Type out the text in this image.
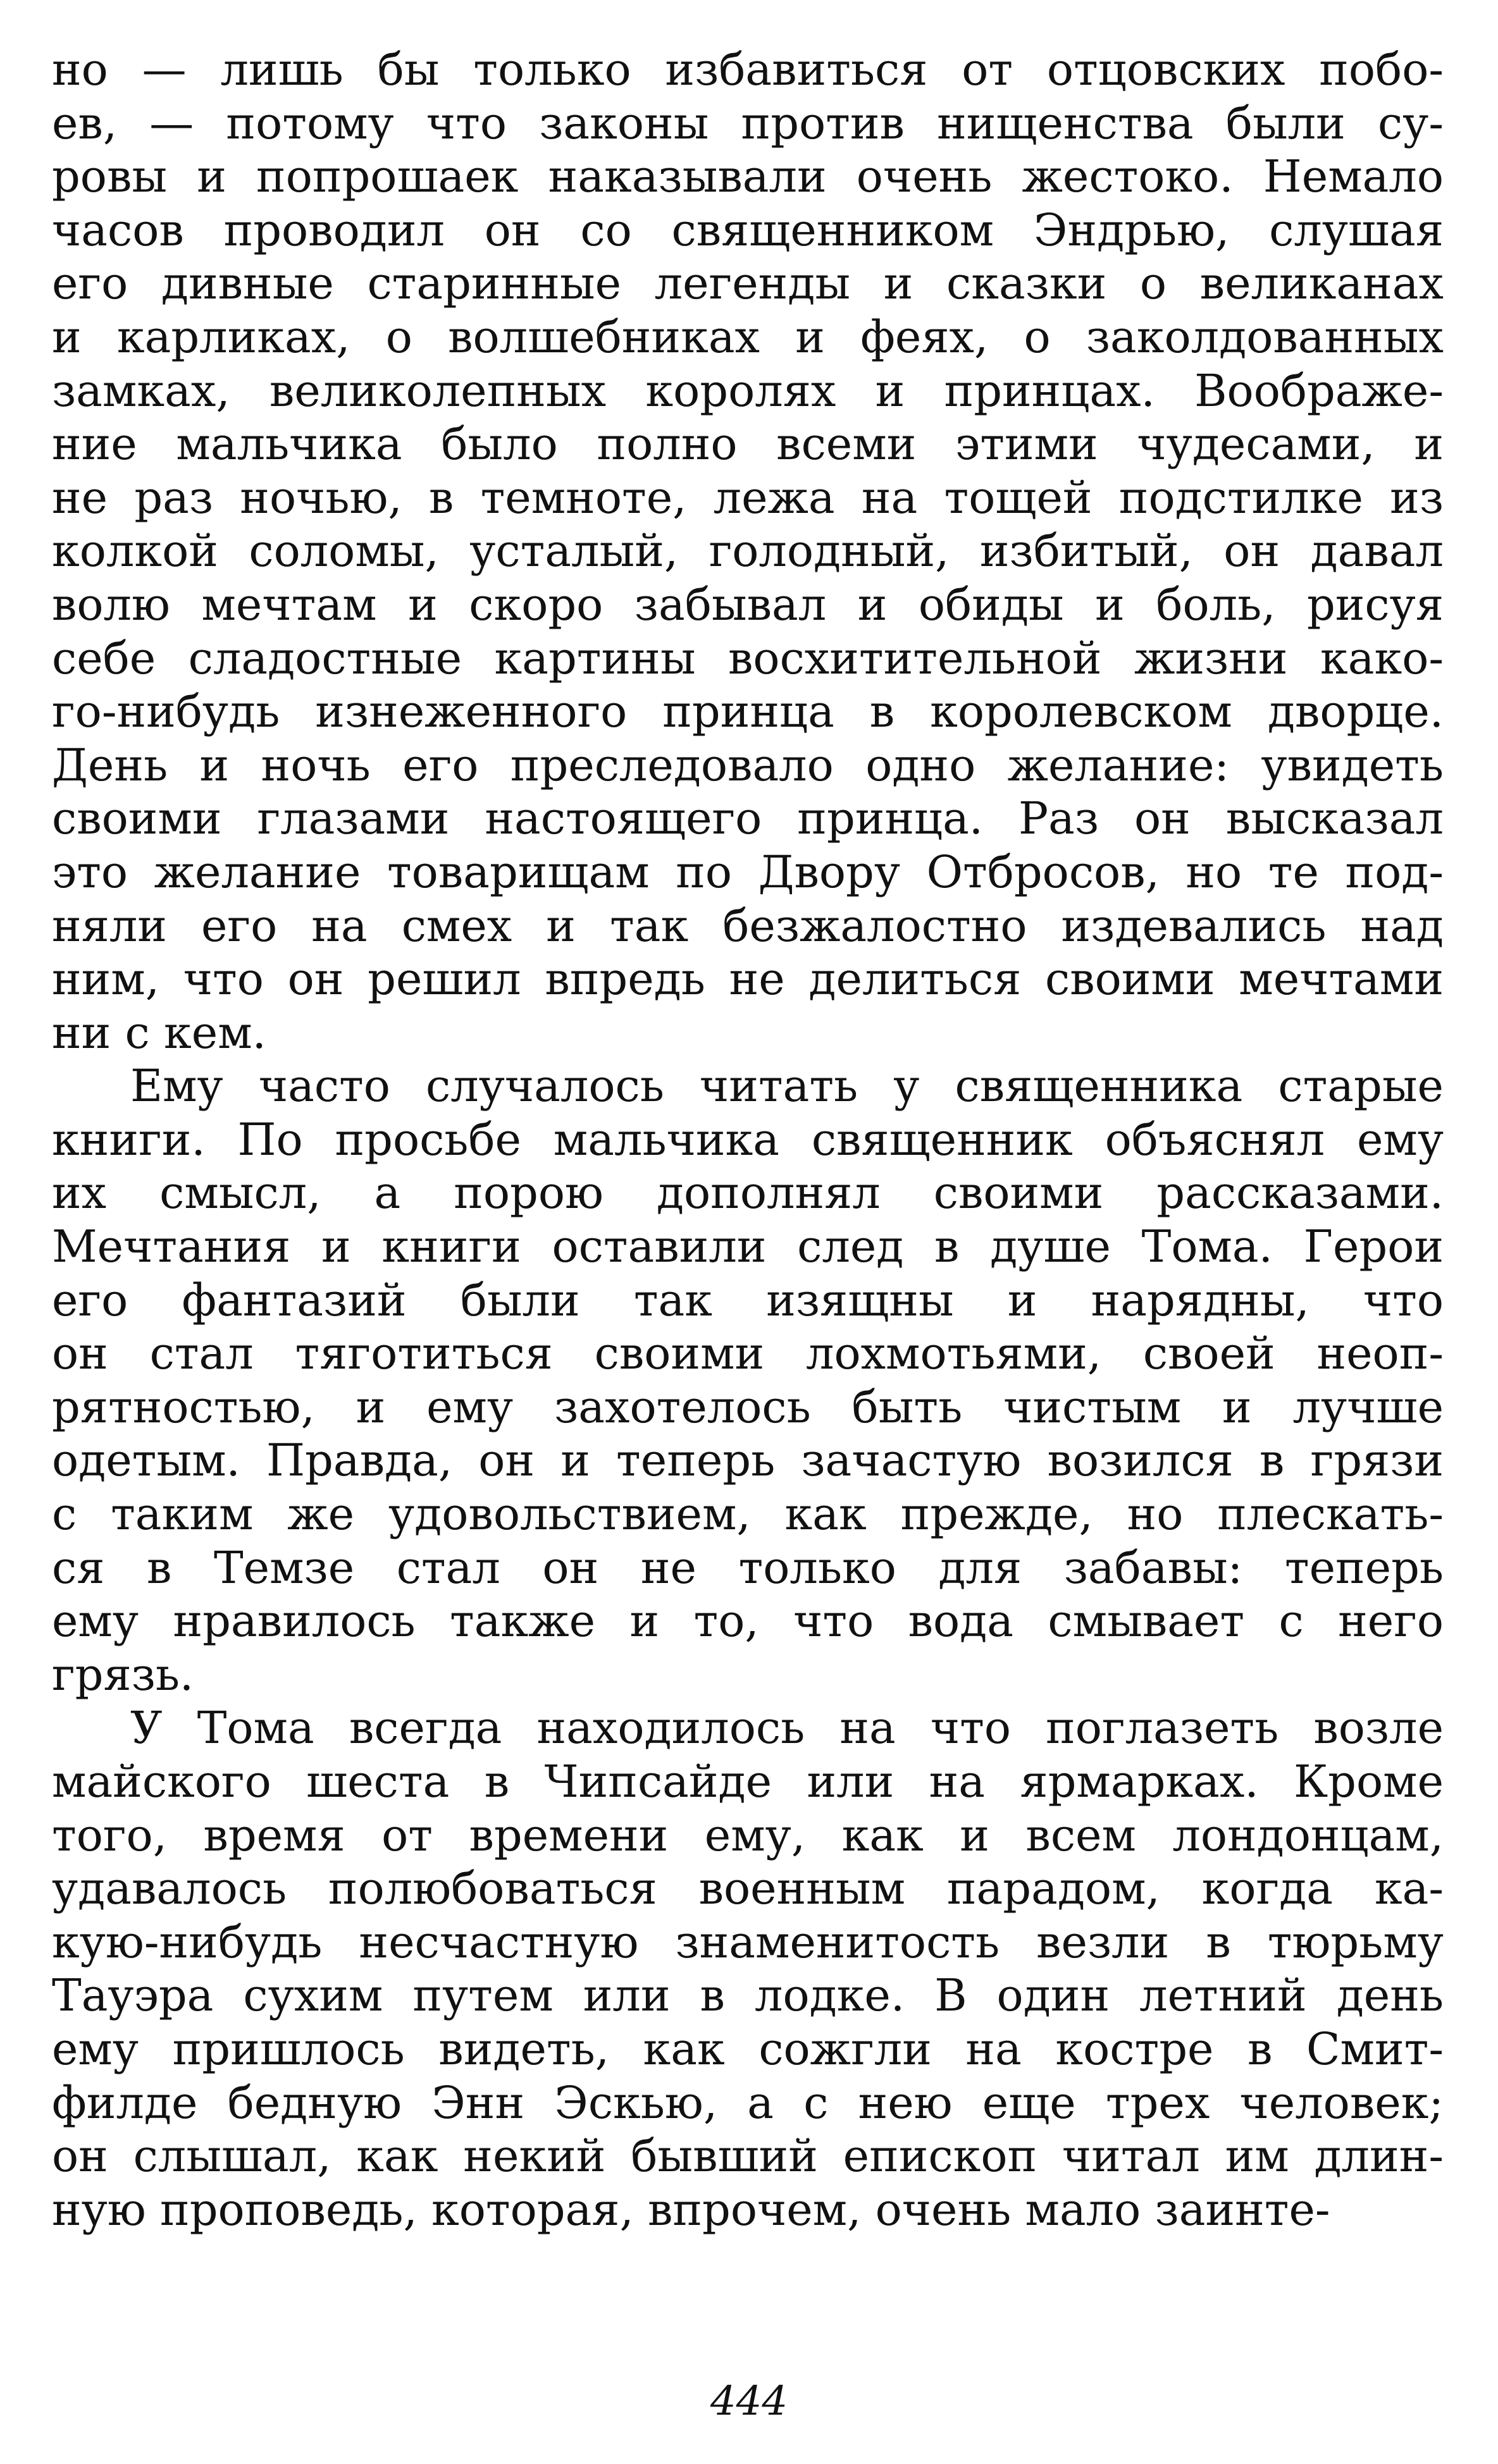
но — лишь бы только избавиться от отцовских побо-
ев, — потому что законы против нищенства были су-
ровы и попрошаек наказывали очень жестоко. Немало
часов проводил он со священником Эндрью, слушая
его дивные старинные легенды и сказки о великанах
и карликах, о волшебниках и феях, о заколдованных
замках, великолепных королях и принцах. Воображе-
ние мальчика было полно всеми этими чудесами, и
не раз ночью, в темноте, лежа на тощей подстилке из
колкой соломы, усталый, голодный, избитый, он давал
волю мечтам и скоро забывал и обиды и боль, рисуя
себе сладостные картины восхитительной жизни како-
го-нибудь изнеженного принца в королевском дворце.
День и ночь его преследовало одно желание: увидеть
своими глазами настоящего принца. Раз он высказал
это желание товарищам по Двору Отбросов, но те под-
няли его на смех и так безжалостно издевались над
ним, что он решил впредь не делиться своими мечтами
ни с кем.
Ему часто случалось читать у священника старые
книги. По просьбе мальчика священник объяснял ему
их смысл, а порою дополнял своими рассказами.
Мечтания и книги оставили след в душе Тома. Герои
его фантазий были так изящны и нарядны, что
он стал тяготиться своими лохмотьями, своей неоп-
рятностью, и ему захотелось быть чистым и лучше
одетым. Правда, он и теперь зачастую возился в грязи
с таким же удовольствием, как прежде, но плескать-
ся в Темзе стал он не только для забавы: теперь
ему нравилось также и то, что вода смывает с него
грязь.
У Тома всегда находилось на что поглазеть возле
майского шеста в Чипсайде или на ярмарках. Кроме
того, время от времени ему, как и всем лондонцам,
удавалось полюбоваться военным парадом, когда ка-
кую-нибудь несчастную знаменитость везли в тюрьму
Тауэра сухим путем или в лодке. В один летний день
ему пришлось видеть, как сожгли на костре в Смит-
филде бедную Энн Эскью, а с нею еще трех человек;
он слышал, как некий бывший епископ читал им длин-
ную проповедь, которая, впрочем, очень мало заинте-
444
